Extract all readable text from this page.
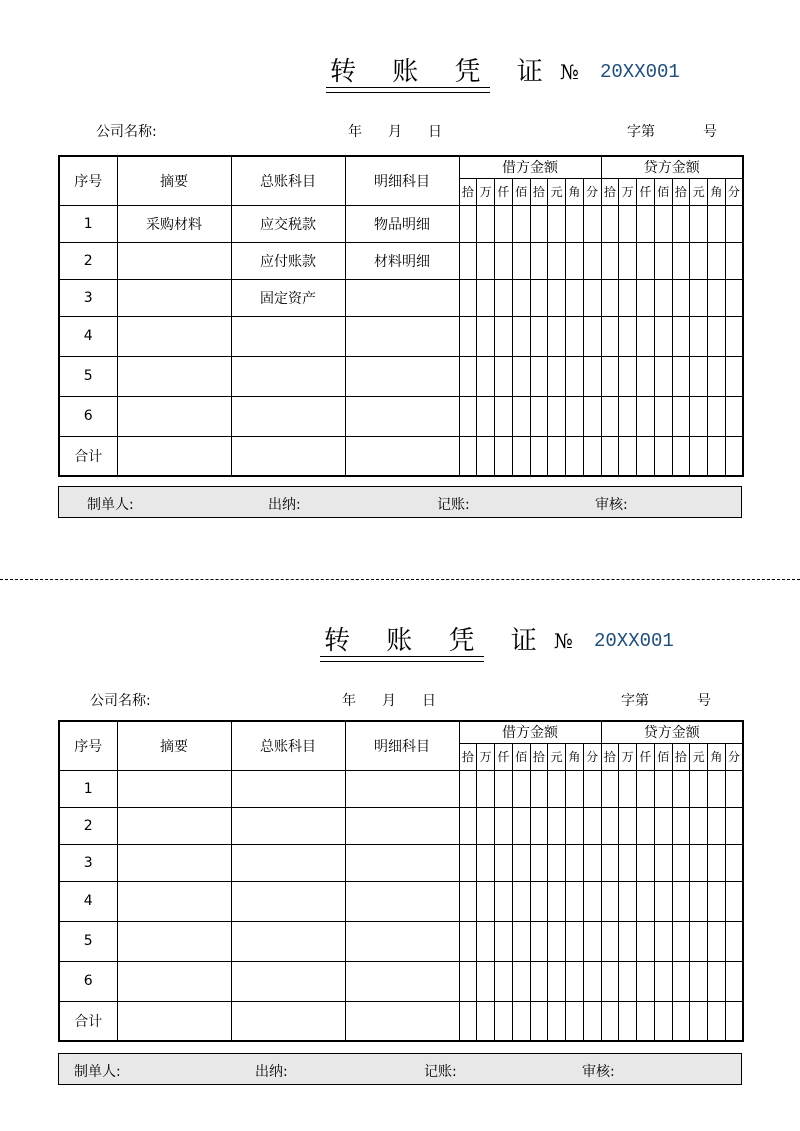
转 账 凭 证 № 20XX001
公司名称:	年 月 日	字第	号
序号	摘要	总账科目	明细科目	借方金额								贷方金额							
				拾	万	仟	佰	拾	元	角	分	拾	万	仟	佰	拾	元	角	分
1	采购材料	应交税款	物品明细																
2		应付账款	材料明细																
3		固定资产																	
4																			
5																			
6																			
合计																			
制单人:	出纳:	记账:	审核:
转 账 凭 证 № 20XX001
公司名称:	年 月 日	字第	号
序号	摘要	总账科目	明细科目	借方金额								贷方金额							
				拾	万	仟	佰	拾	元	角	分	拾	万	仟	佰	拾	元	角	分
1																			
2																			
3																			
4																			
5																			
6																			
合计																			
制单人:	出纳:	记账:	审核:
